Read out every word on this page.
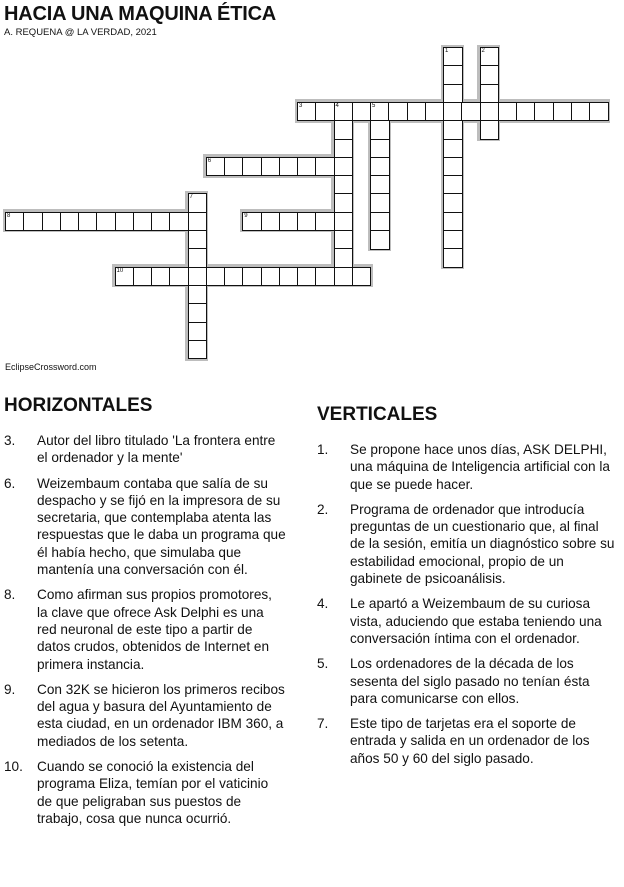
HACIA UNA MAQUINA ÉTICA
A. REQUENA @ LA VERDAD, 2021
1	2
3	4	5
6
7
8	9
10
EclipseCrossword.com
HORIZONTALES
3.	Autor del libro titulado 'La frontera entre el ordenador y la mente'
6.	Weizembaum contaba que salía de su despacho y se fijó en la impresora de su secretaria, que contemplaba atenta las respuestas que le daba un programa que él había hecho, que simulaba que mantenía una conversación con él.
8.	Como afirman sus propios promotores, la clave que ofrece Ask Delphi es una red neuronal de este tipo a partir de datos crudos, obtenidos de Internet en primera instancia.
9.	Con 32K se hicieron los primeros recibos del agua y basura del Ayuntamiento de esta ciudad, en un ordenador IBM 360, a mediados de los setenta.
10.	Cuando se conoció la existencia del programa Eliza, temían por el vaticinio de que peligraban sus puestos de trabajo, cosa que nunca ocurrió.
VERTICALES
1.	Se propone hace unos días, ASK DELPHI, una máquina de Inteligencia artificial con la que se puede hacer.
2.	Programa de ordenador que introducía preguntas de un cuestionario que, al final de la sesión, emitía un diagnóstico sobre su estabilidad emocional, propio de un gabinete de psicoanálisis.
4.	Le apartó a Weizembaum de su curiosa vista, aduciendo que estaba teniendo una conversación íntima con el ordenador.
5.	Los ordenadores de la década de los sesenta del siglo pasado no tenían ésta para comunicarse con ellos.
7.	Este tipo de tarjetas era el soporte de entrada y salida en un ordenador de los años 50 y 60 del siglo pasado.
